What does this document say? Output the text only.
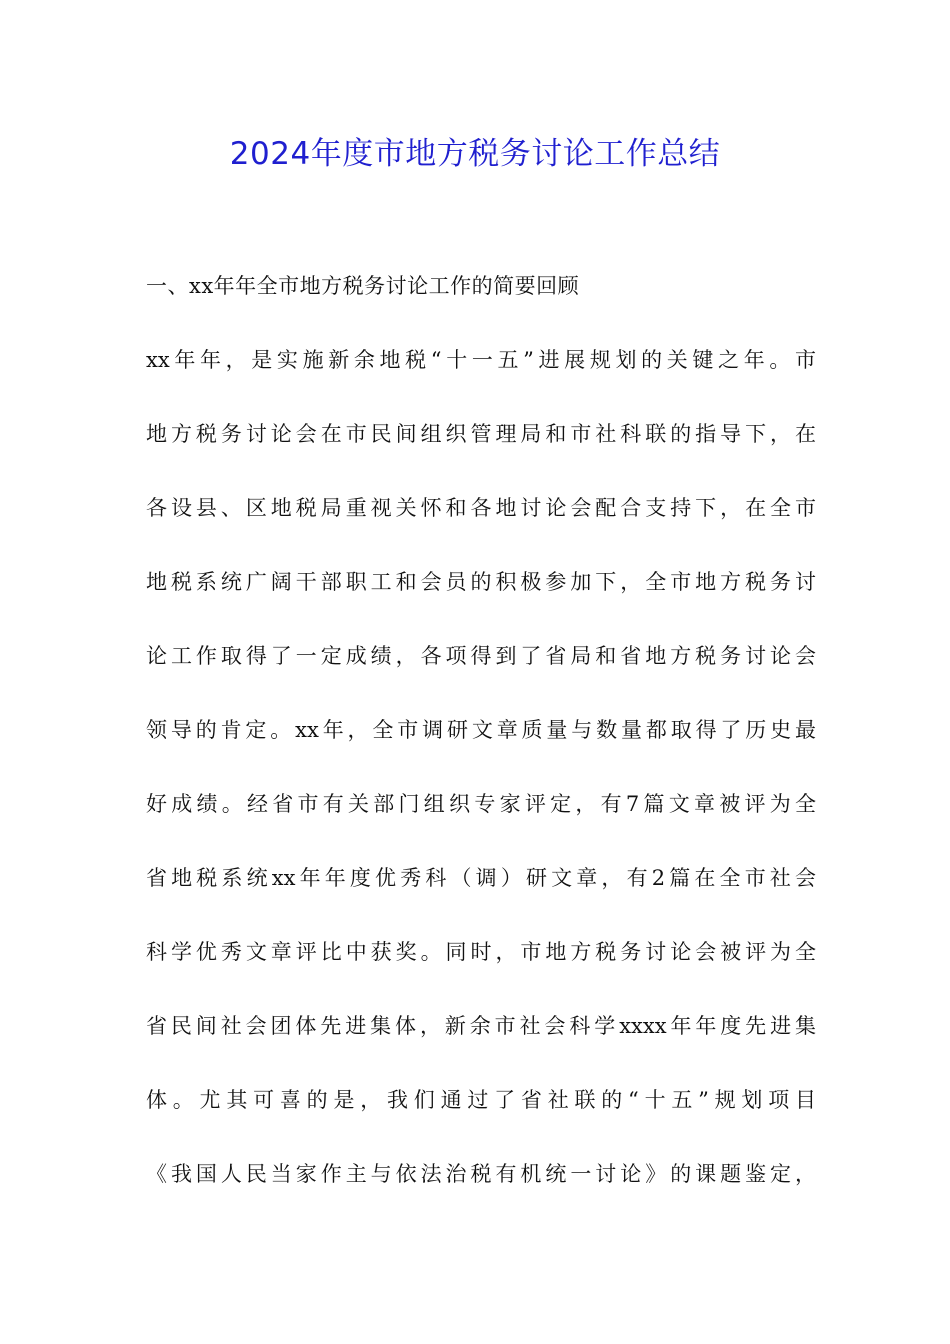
2024年度市地方税务讨论工作总结
一、xx年年全市地方税务讨论工作的简要回顾
xx年年，是实施新余地税“十一五”进展规划的关键之年。市
地方税务讨论会在市民间组织管理局和市社科联的指导下，在
各设县、区地税局重视关怀和各地讨论会配合支持下，在全市
地税系统广阔干部职工和会员的积极参加下，全市地方税务讨
论工作取得了一定成绩，各项得到了省局和省地方税务讨论会
领导的肯定。xx年，全市调研文章质量与数量都取得了历史最
好成绩。经省市有关部门组织专家评定，有7篇文章被评为全
省地税系统xx年年度优秀科（调）研文章，有2篇在全市社会
科学优秀文章评比中获奖。同时，市地方税务讨论会被评为全
省民间社会团体先进集体，新余市社会科学xxxx年年度先进集
体。尤其可喜的是，我们通过了省社联的“十五”规划项目
《我国人民当家作主与依法治税有机统一讨论》的课题鉴定，
